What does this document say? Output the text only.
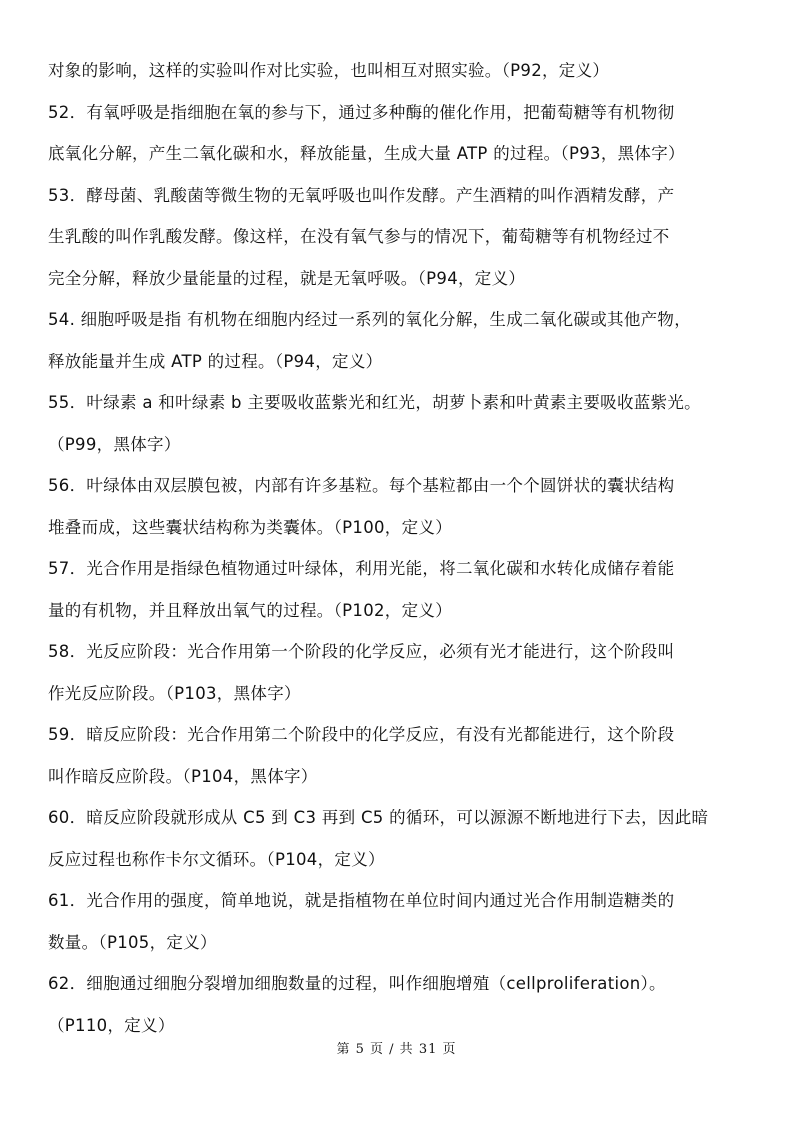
对象的影响，这样的实验叫作对比实验，也叫相互对照实验。（P92，定义）
52．有氧呼吸是指细胞在氧的参与下，通过多种酶的催化作用，把葡萄糖等有机物彻
底氧化分解，产生二氧化碳和水，释放能量，生成大量 ATP 的过程。（P93，黑体字）
53．酵母菌、乳酸菌等微生物的无氧呼吸也叫作发酵。产生酒精的叫作酒精发酵，产
生乳酸的叫作乳酸发酵。像这样，在没有氧气参与的情况下，葡萄糖等有机物经过不
完全分解，释放少量能量的过程，就是无氧呼吸。（P94，定义）
54. 细胞呼吸是指 有机物在细胞内经过一系列的氧化分解，生成二氧化碳或其他产物，
释放能量并生成 ATP 的过程。（P94，定义）
55．叶绿素 a 和叶绿素 b 主要吸收蓝紫光和红光，胡萝卜素和叶黄素主要吸收蓝紫光。
（P99，黑体字）
56．叶绿体由双层膜包被，内部有许多基粒。每个基粒都由一个个圆饼状的囊状结构
堆叠而成，这些囊状结构称为类囊体。（P100，定义）
57．光合作用是指绿色植物通过叶绿体，利用光能，将二氧化碳和水转化成储存着能
量的有机物，并且释放出氧气的过程。（P102，定义）
58．光反应阶段：光合作用第一个阶段的化学反应，必须有光才能进行，这个阶段叫
作光反应阶段。（P103，黑体字）
59．暗反应阶段：光合作用第二个阶段中的化学反应，有没有光都能进行，这个阶段
叫作暗反应阶段。（P104，黑体字）
60．暗反应阶段就形成从 C5 到 C3 再到 C5 的循环，可以源源不断地进行下去，因此暗
反应过程也称作卡尔文循环。（P104，定义）
61．光合作用的强度，简单地说，就是指植物在单位时间内通过光合作用制造糖类的
数量。（P105，定义）
62．细胞通过细胞分裂增加细胞数量的过程，叫作细胞增殖（cellproliferation）。
（P110，定义）
第 5 页 / 共 31 页
